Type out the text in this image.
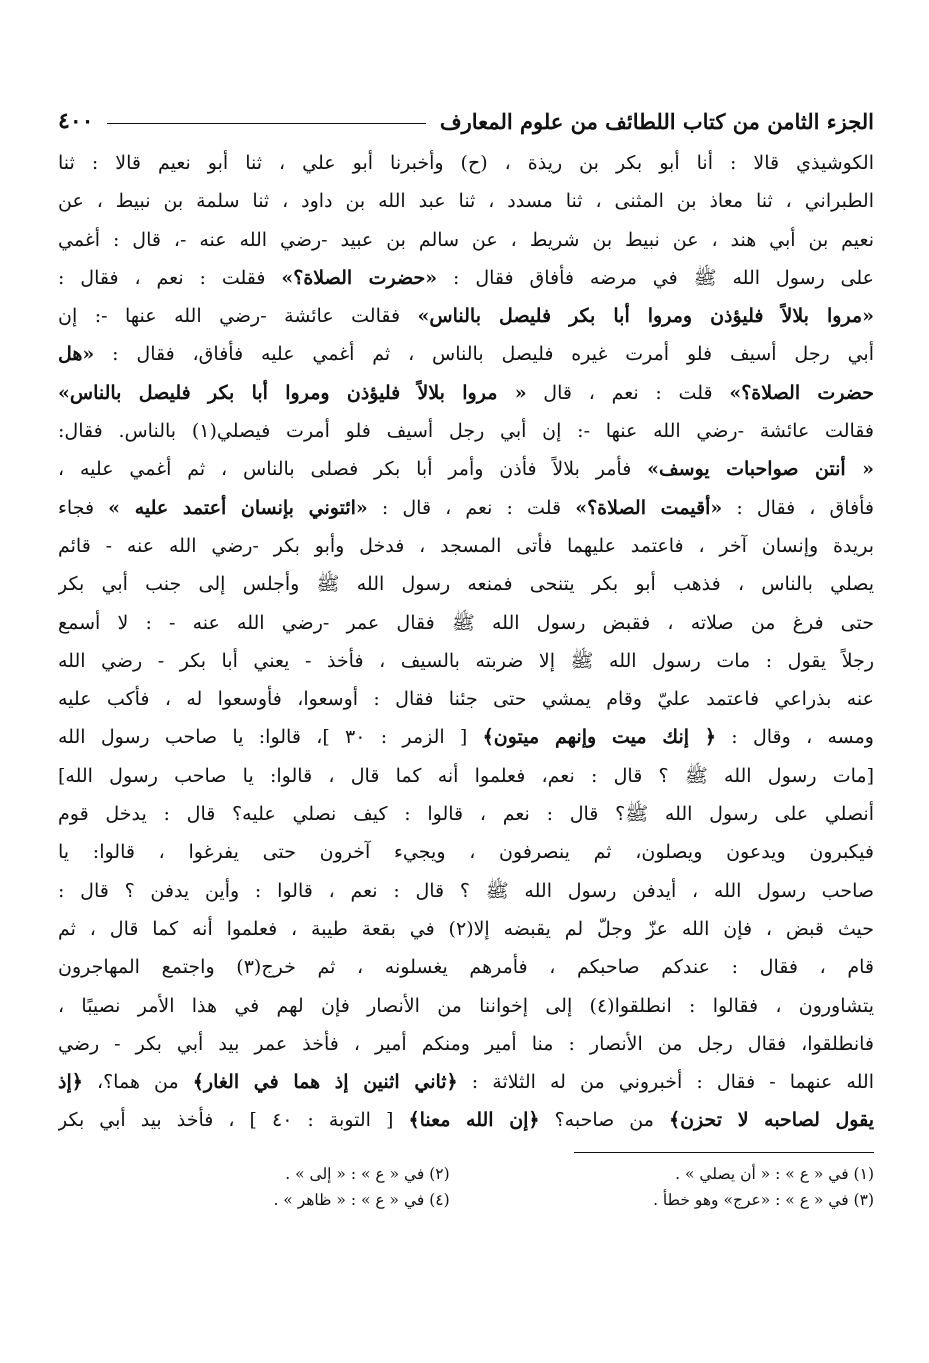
الجزء الثامن من كتاب اللطائف من علوم المعارف
٤٠٠
الكوشيذي قالا : أنا أبو بكر بن ريذة ، (ح) وأخبرنا أبو علي ، ثنا أبو نعيم قالا : ثنا
الطبراني ، ثنا معاذ بن المثنى ، ثنا مسدد ، ثنا عبد الله بن داود ، ثنا سلمة بن نبيط ، عن
نعيم بن أبي هند ، عن نبيط بن شريط ، عن سالم بن عبيد -رضي الله عنه -، قال : أغمي
على رسول الله ﷺ في مرضه فأفاق فقال : «حضرت الصلاة؟» فقلت : نعم ، فقال :
«مروا بلالاً فليؤذن ومروا أبا بكر فليصل بالناس» فقالت عائشة -رضي الله عنها -: إن
أبي رجل أسيف فلو أمرت غيره فليصل بالناس ، ثم أغمي عليه فأفاق، فقال : «هل
حضرت الصلاة؟» قلت : نعم ، قال « مروا بلالاً فليؤذن ومروا أبا بكر فليصل بالناس»
فقالت عائشة -رضي الله عنها -: إن أبي رجل أسيف فلو أمرت فيصلي(١) بالناس. فقال:
« أنتن صواحبات يوسف» فأمر بلالاً فأذن وأمر أبا بكر فصلى بالناس ، ثم أغمي عليه ،
فأفاق ، فقال : «أقيمت الصلاة؟» قلت : نعم ، قال : «ائتوني بإنسان أعتمد عليه » فجاء
بريدة وإنسان آخر ، فاعتمد عليهما فأتى المسجد ، فدخل وأبو بكر -رضي الله عنه - قائم
يصلي بالناس ، فذهب أبو بكر يتنحى فمنعه رسول الله ﷺ وأجلس إلى جنب أبي بكر
حتى فرغ من صلاته ، فقبض رسول الله ﷺ فقال عمر -رضي الله عنه - : لا أسمع
رجلاً يقول : مات رسول الله ﷺ إلا ضربته بالسيف ، فأخذ - يعني أبا بكر - رضي الله
عنه بذراعي فاعتمد عليّ وقام يمشي حتى جئنا فقال : أوسعوا، فأوسعوا له ، فأكب عليه
ومسه ، وقال : ﴿ إنك ميت وإنهم ميتون﴾ [ الزمر : ٣٠ ]، قالوا: يا صاحب رسول الله
[مات رسول الله ﷺ ؟ قال : نعم، فعلموا أنه كما قال ، قالوا: يا صاحب رسول الله]
أنصلي على رسول الله ﷺ؟ قال : نعم ، قالوا : كيف نصلي عليه؟ قال : يدخل قوم
فيكبرون ويدعون ويصلون، ثم ينصرفون ، ويجيء آخرون حتى يفرغوا ، قالوا: يا
صاحب رسول الله ، أيدفن رسول الله ﷺ ؟ قال : نعم ، قالوا : وأين يدفن ؟ قال :
حيث قبض ، فإن الله عزّ وجلّ لم يقبضه إلا(٢) في بقعة طيبة ، فعلموا أنه كما قال ، ثم
قام ، فقال : عندكم صاحبكم ، فأمرهم يغسلونه ، ثم خرج(٣) واجتمع المهاجرون
يتشاورون ، فقالوا : انطلقوا(٤) إلى إخواننا من الأنصار فإن لهم في هذا الأمر نصيبًا ،
فانطلقوا، فقال رجل من الأنصار : منا أمير ومنكم أمير ، فأخذ عمر بيد أبي بكر - رضي
الله عنهما - فقال : أخبروني من له الثلاثة : ﴿ثاني اثنين إذ هما في الغار﴾ من هما؟، ﴿إذ
يقول لصاحبه لا تحزن﴾ من صاحبه؟ ﴿إن الله معنا﴾ [ التوبة : ٤٠ ] ، فأخذ بيد أبي بكر
(١) في « ع » : « أن يصلي » .
(٢) في « ع » : « إلى » .
(٣) في « ع » : «عرج» وهو خطأ .
(٤) في « ع » : « ظاهر » .
